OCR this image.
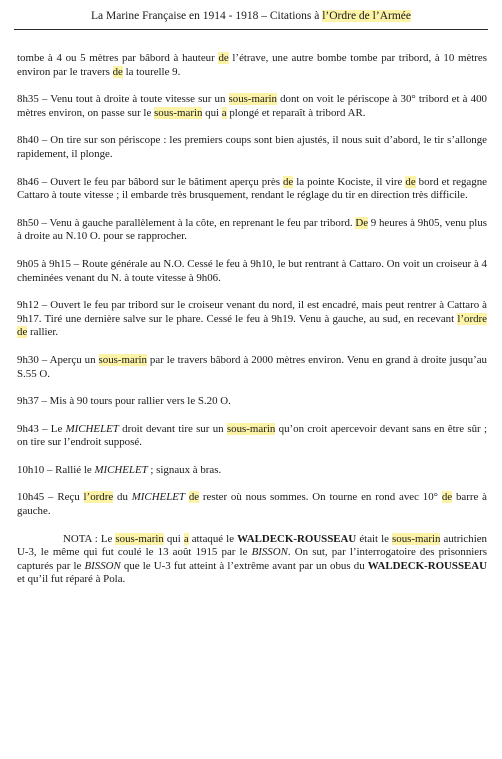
La Marine Française en 1914 - 1918 – Citations à l’Ordre de l’Armée

tombe à 4 ou 5 mètres par bâbord à hauteur de l’étrave, une autre bombe tombe par tribord, à 10 mètres environ par le travers de la tourelle 9.

8h35 – Venu tout à droite à toute vitesse sur un sous-marin dont on voit le périscope à 30° tribord et à 400 mètres environ, on passe sur le sous-marin qui a plongé et reparaît à tribord AR.

8h40 – On tire sur son périscope : les premiers coups sont bien ajustés, il nous suit d’abord, le tir s’allonge rapidement, il plonge.

8h46 – Ouvert le feu par bâbord sur le bâtiment aperçu près de la pointe Kociste, il vire de bord et regagne Cattaro à toute vitesse ; il embarde très brusquement, rendant le réglage du tir en direction très difficile.

8h50 – Venu à gauche parallèlement à la côte, en reprenant le feu par tribord. De 9 heures à 9h05, venu plus à droite au N.10 O. pour se rapprocher.

9h05 à 9h15 – Route générale au N.O. Cessé le feu à 9h10, le but rentrant à Cattaro. On voit un croiseur à 4 cheminées venant du N. à toute vitesse à 9h06.

9h12 – Ouvert le feu par tribord sur le croiseur venant du nord, il est encadré, mais peut rentrer à Cattaro à 9h17. Tiré une dernière salve sur le phare. Cessé le feu à 9h19. Venu à gauche, au sud, en recevant l’ordre de rallier.

9h30 – Aperçu un sous-marin par le travers bâbord à 2000 mètres environ. Venu en grand à droite jusqu’au S.55 O.

9h37 – Mis à 90 tours pour rallier vers le S.20 O.

9h43 – Le MICHELET droit devant tire sur un sous-marin qu’on croit apercevoir devant sans en être sûr ; on tire sur l’endroit supposé.

10h10 – Rallié le MICHELET ; signaux à bras.

10h45 – Reçu l’ordre du MICHELET de rester où nous sommes. On tourne en rond avec 10° de barre à gauche.

NOTA : Le sous-marin qui a attaqué le WALDECK-ROUSSEAU était le sous-marin autrichien U-3, le même qui fut coulé le 13 août 1915 par le BISSON. On sut, par l’interrogatoire des prisonniers capturés par le BISSON que le U-3 fut atteint à l’extrême avant par un obus du WALDECK-ROUSSEAU et qu’il fut réparé à Pola.
